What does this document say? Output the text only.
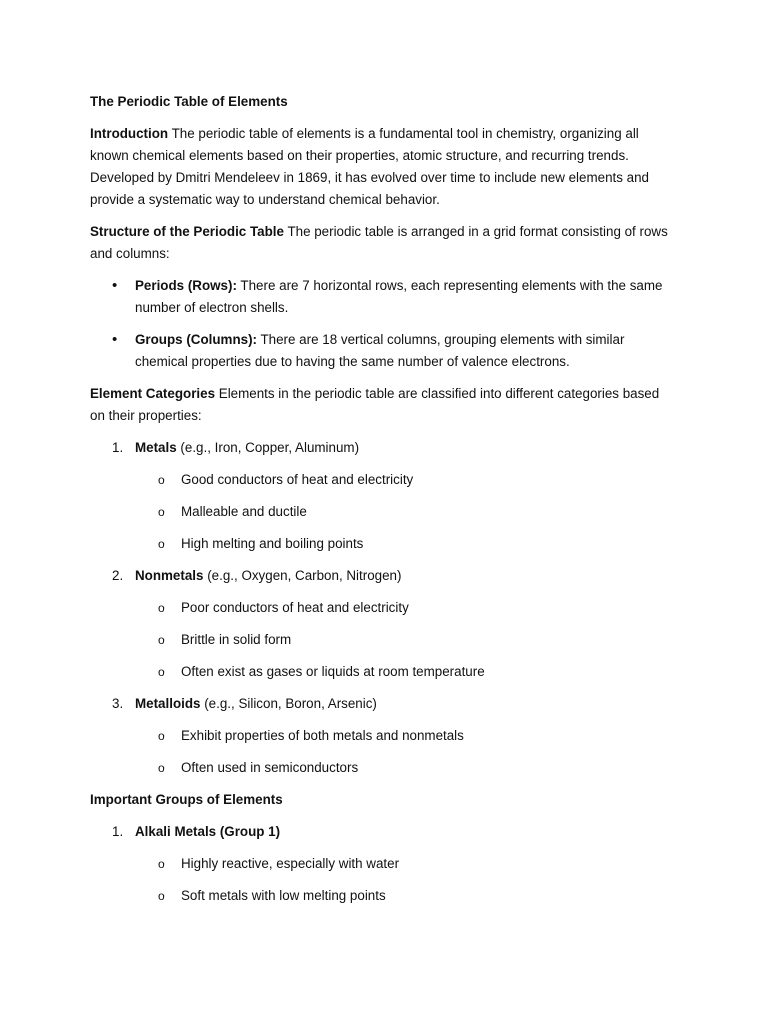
The Periodic Table of Elements
Introduction The periodic table of elements is a fundamental tool in chemistry, organizing all
known chemical elements based on their properties, atomic structure, and recurring trends.
Developed by Dmitri Mendeleev in 1869, it has evolved over time to include new elements and
provide a systematic way to understand chemical behavior.
Structure of the Periodic Table The periodic table is arranged in a grid format consisting of rows
and columns:
• Periods (Rows): There are 7 horizontal rows, each representing elements with the same
number of electron shells.
• Groups (Columns): There are 18 vertical columns, grouping elements with similar
chemical properties due to having the same number of valence electrons.
Element Categories Elements in the periodic table are classified into different categories based
on their properties:
1. Metals (e.g., Iron, Copper, Aluminum)
o Good conductors of heat and electricity
o Malleable and ductile
o High melting and boiling points
2. Nonmetals (e.g., Oxygen, Carbon, Nitrogen)
o Poor conductors of heat and electricity
o Brittle in solid form
o Often exist as gases or liquids at room temperature
3. Metalloids (e.g., Silicon, Boron, Arsenic)
o Exhibit properties of both metals and nonmetals
o Often used in semiconductors
Important Groups of Elements
1. Alkali Metals (Group 1)
o Highly reactive, especially with water
o Soft metals with low melting points
